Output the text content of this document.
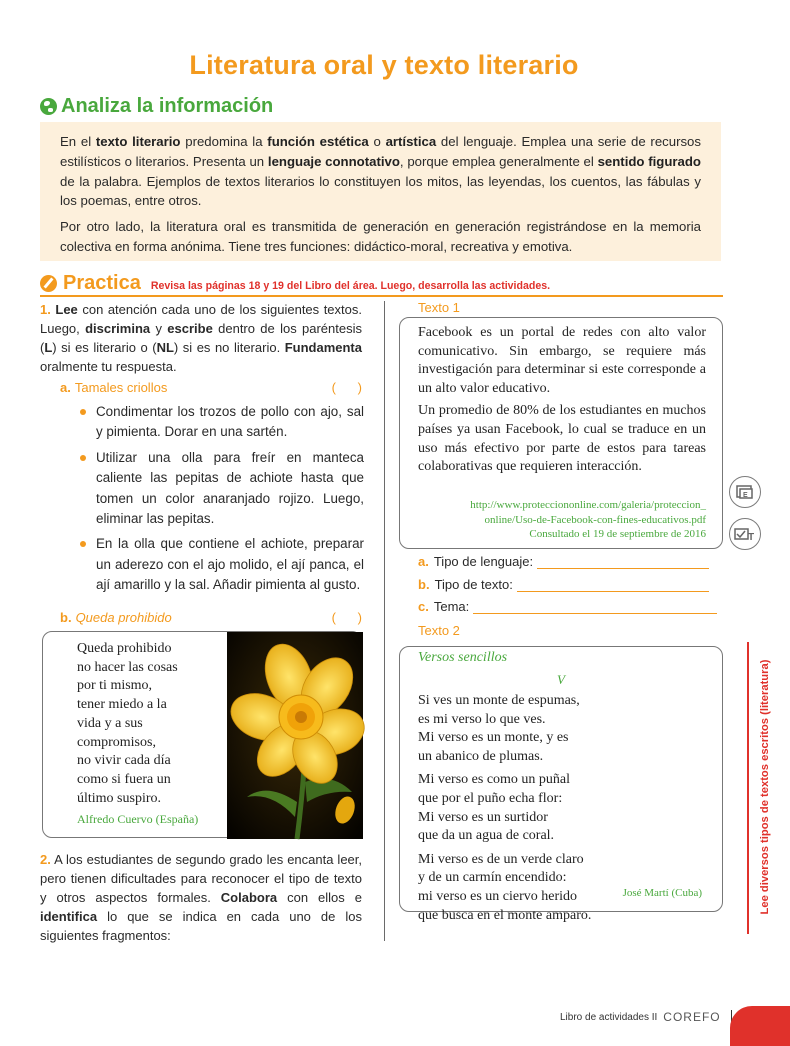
Literatura oral y texto literario
Analiza la información

En el texto literario predomina la función estética o artística del lenguaje. Emplea una serie de recursos estilísticos o literarios. Presenta un lenguaje connotativo, porque emplea generalmente el sentido figurado de la palabra. Ejemplos de textos literarios lo constituyen los mitos, las leyendas, los cuentos, las fábulas y los poemas, entre otros.

Por otro lado, la literatura oral es transmitida de generación en generación registrándose en la memoria colectiva en forma anónima. Tiene tres funciones: didáctico-moral, recreativa y emotiva.

Practica Revisa las páginas 18 y 19 del Libro del área. Luego, desarrolla las actividades.
1. Lee con atención cada uno de los siguientes textos. Luego, discrimina y escribe dentro de los paréntesis (L) si es literario o (NL) si es no literario. Fundamenta oralmente tu respuesta.
a. Tamales criollos	(      )
Condimentar los trozos de pollo con ajo, sal y pimienta. Dorar en una sartén.
Utilizar una olla para freír en manteca caliente las pepitas de achiote hasta que tomen un color anaranjado rojizo. Luego, eliminar las pepitas.
En la olla que contiene el achiote, preparar un aderezo con el ajo molido, el ají panca, el ají amarillo y la sal. Añadir pimienta al gusto.
b. Queda prohibido	(      )
Queda prohibido
no hacer las cosas
por ti mismo,
tener miedo a la
vida y a sus
compromisos,
no vivir cada día
como si fuera un
último suspiro.
Alfredo Cuervo (España)
2. A los estudiantes de segundo grado les encanta leer, pero tienen dificultades para reconocer el tipo de texto y otros aspectos formales. Colabora con ellos e identifica lo que se indica en cada uno de los siguientes fragmentos:
Texto 1

Facebook es un portal de redes con alto valor comunicativo. Sin embargo, se requiere más investigación para determinar si este corresponde a un alto valor educativo.

Un promedio de 80% de los estudiantes en muchos países ya usan Facebook, lo cual se traduce en un uso más efectivo por parte de estos para tareas colaborativas que requieren interacción.

http://www.protecciononline.com/galeria/proteccion_
online/Uso-de-Facebook-con-fines-educativos.pdf
Consultado el 19 de septiembre de 2016
a. Tipo de lenguaje:
b. Tipo de texto:
c. Tema:
Texto 2
Versos sencillos
V

Si ves un monte de espumas,
es mi verso lo que ves.
Mi verso es un monte, y es
un abanico de plumas.

Mi verso es como un puñal
que por el puño echa flor:
Mi verso es un surtidor
que da un agua de coral.

Mi verso es de un verde claro
y de un carmín encendido:
mi verso es un ciervo herido
que busca en el monte amparo.

José Martí (Cuba)
E
T
Lee diversos tipos de textos escritos (literatura)
Libro de actividades II COREFO
